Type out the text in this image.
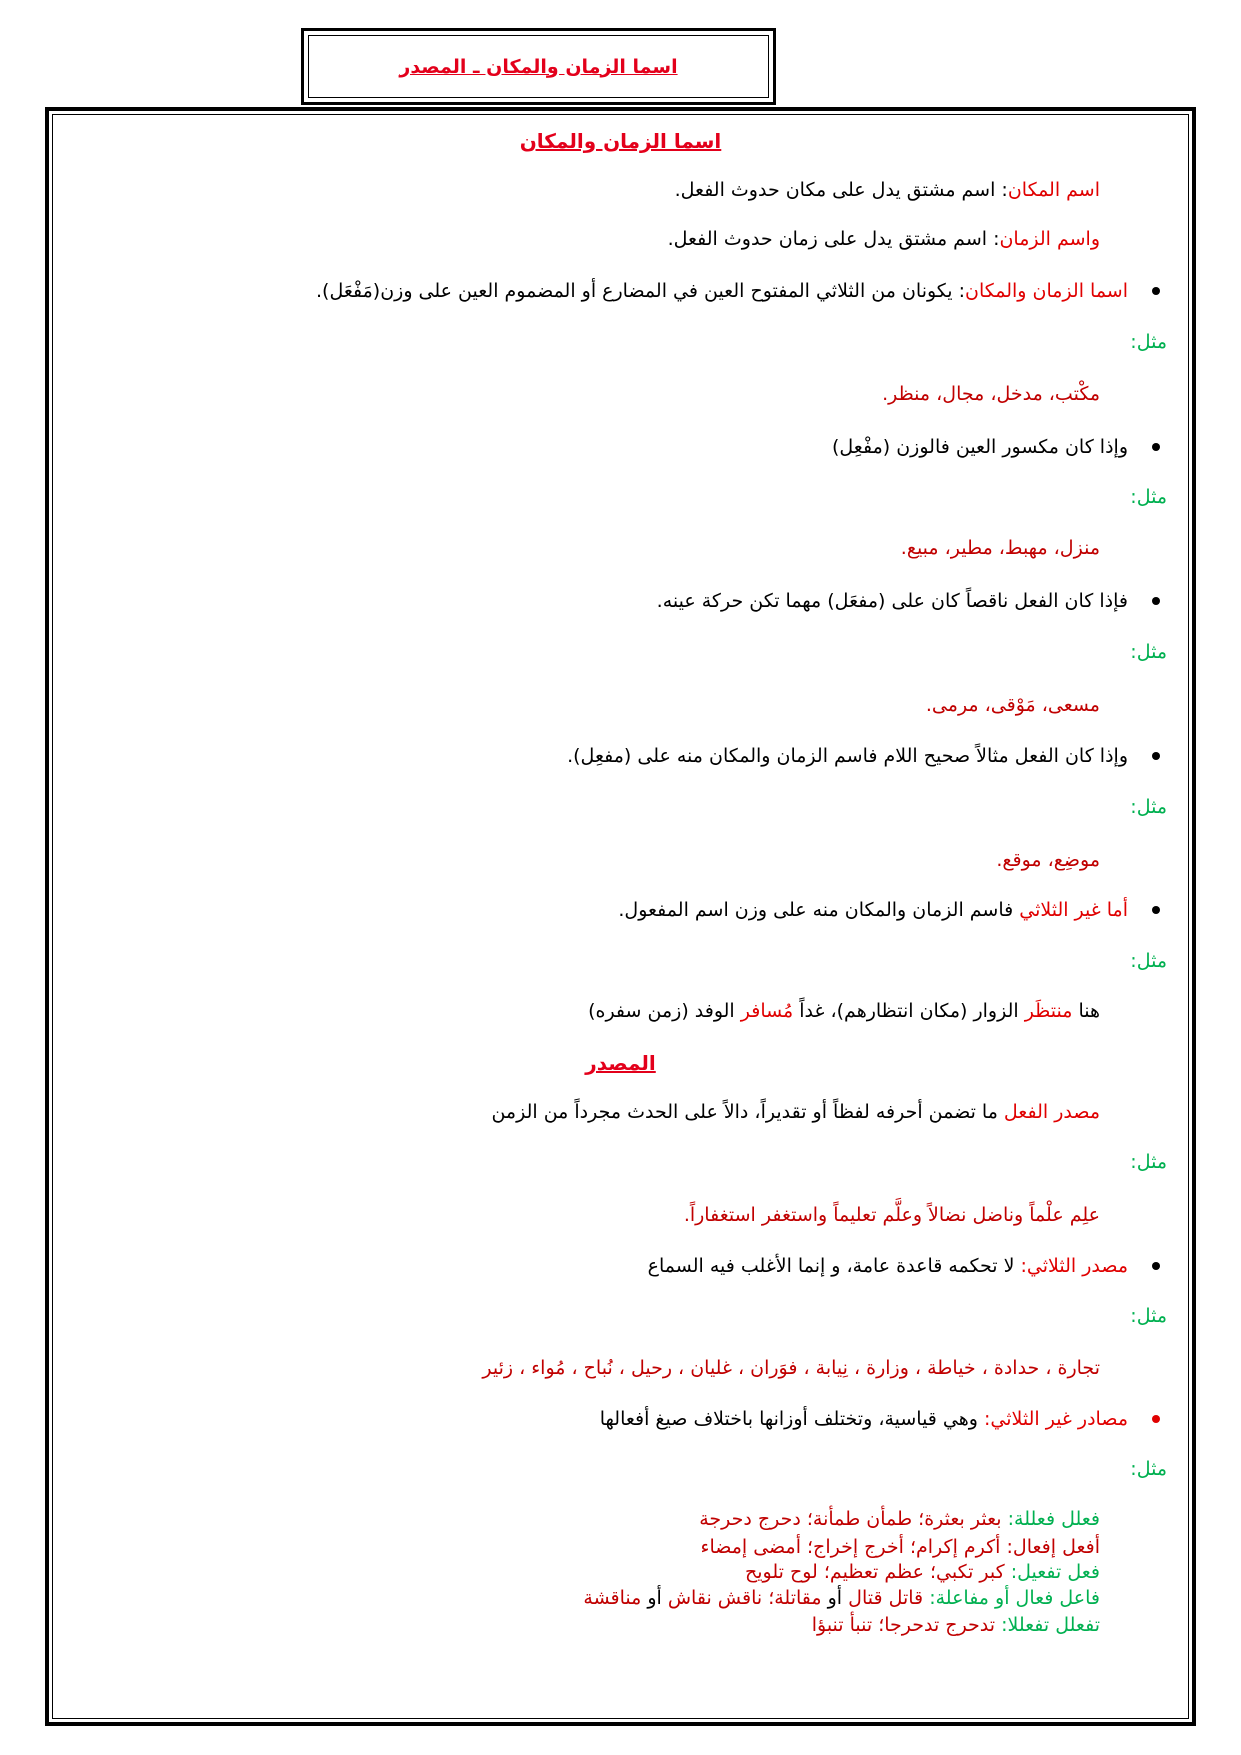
اسما الزمان والمكان ـ المصدر
اسما الزمان والمكان
اسم المكان: اسم مشتق يدل على مكان حدوث الفعل.
واسم الزمان: اسم مشتق يدل على زمان حدوث الفعل.
اسما الزمان والمكان: يكونان من الثلاثي المفتوح العين في المضارع أو المضموم العين على وزن(مَفْعَل).
مثل:
مكْتب، مدخل، مجال، منظر.
وإذا كان مكسور العين فالوزن (مفْعِل)
مثل:
منزل، مهبط، مطير، مبيع.
فإذا كان الفعل ناقصاً كان على (مفعَل) مهما تكن حركة عينه.
مثل:
مسعى، مَوْقى، مرمى.
وإذا كان الفعل مثالاً صحيح اللام فاسم الزمان والمكان منه على (مفعِل).
مثل:
موضِع، موقع.
أما غير الثلاثي فاسم الزمان والمكان منه على وزن اسم المفعول.
مثل:
هنا منتظَر الزوار (مكان انتظارهم)، غداً مُسافر الوفد (زمن سفره)
المصدر
مصدر الفعل ما تضمن أحرفه لفظاً أو تقديراً، دالاً على الحدث مجرداً من الزمن
مثل:
علِم علْماً وناضل نضالاً وعلَّم تعليماً واستغفر استغفاراً.
مصدر الثلاثي: لا تحكمه قاعدة عامة، و إنما الأغلب فيه السماع
مثل:
تجارة ، حدادة ، خياطة ، وزارة ، نِيابة ، فوَران ، غليان ، رحيل ، نُباح ، مُواء ، زئير
مصادر غير الثلاثي: وهي قياسية، وتختلف أوزانها باختلاف صيغ أفعالها
مثل:
فعلل فعللة: بعثر بعثرة؛ طمأن طمأنة؛ دحرج دحرجة
أفعل إفعال: أكرم إكرام؛ أخرج إخراج؛ أمضى إمضاء
فعل تفعيل: كبر تكبي؛ عظم تعظيم؛ لوح تلويح
فاعل فعال أو مفاعلة: قاتل قتال أو مقاتلة؛ ناقش نقاش أو مناقشة
تفعلل تفعللا: تدحرج تدحرجا؛ تنبأ تنبؤا
